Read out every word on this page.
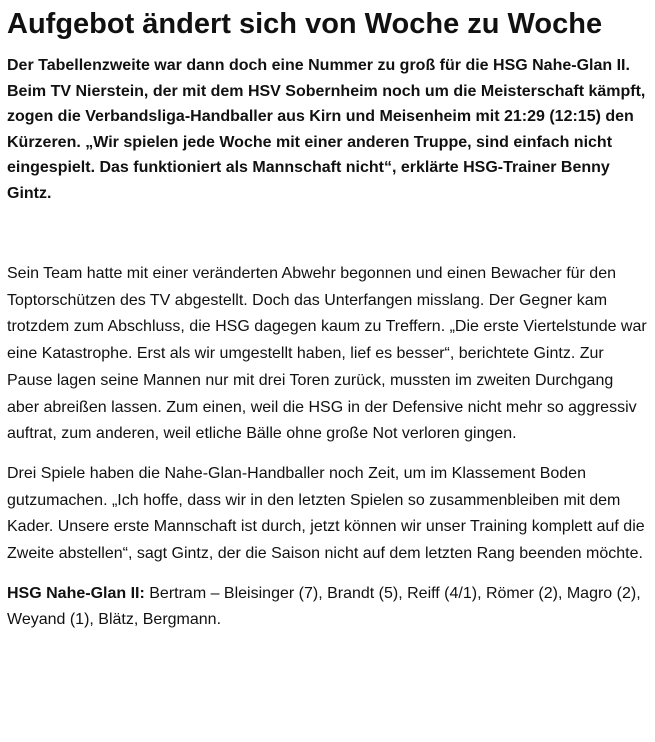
Aufgebot ändert sich von Woche zu Woche

Der Tabellenzweite war dann doch eine Nummer zu groß für die HSG Nahe-Glan II. Beim TV Nierstein, der mit dem HSV Sobernheim noch um die Meisterschaft kämpft, zogen die Verbandsliga-Handballer aus Kirn und Meisenheim mit 21:29 (12:15) den Kürzeren. „Wir spielen jede Woche mit einer anderen Truppe, sind einfach nicht eingespielt. Das funktioniert als Mannschaft nicht“, erklärte HSG-Trainer Benny Gintz.

Sein Team hatte mit einer veränderten Abwehr begonnen und einen Bewacher für den Toptorschützen des TV abgestellt. Doch das Unterfangen misslang. Der Gegner kam trotzdem zum Abschluss, die HSG dagegen kaum zu Treffern. „Die erste Viertelstunde war eine Katastrophe. Erst als wir umgestellt haben, lief es besser“, berichtete Gintz. Zur Pause lagen seine Mannen nur mit drei Toren zurück, mussten im zweiten Durchgang aber abreißen lassen. Zum einen, weil die HSG in der Defensive nicht mehr so aggressiv auftrat, zum anderen, weil etliche Bälle ohne große Not verloren gingen.

Drei Spiele haben die Nahe-Glan-Handballer noch Zeit, um im Klassement Boden gutzumachen. „Ich hoffe, dass wir in den letzten Spielen so zusammenbleiben mit dem Kader. Unsere erste Mannschaft ist durch, jetzt können wir unser Training komplett auf die Zweite abstellen“, sagt Gintz, der die Saison nicht auf dem letzten Rang beenden möchte.

HSG Nahe-Glan II: Bertram – Bleisinger (7), Brandt (5), Reiff (4/1), Römer (2), Magro (2), Weyand (1), Blätz, Bergmann.
